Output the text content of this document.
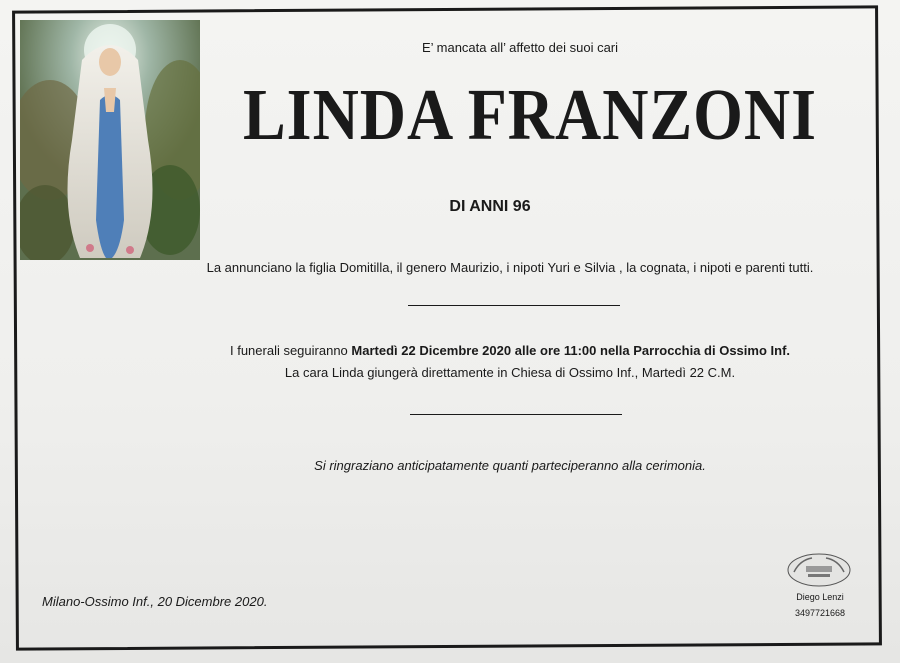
E’ mancata all’ affetto dei suoi cari
LINDA FRANZONI
DI ANNI 96
La annunciano la figlia Domitilla, il genero Maurizio, i nipoti Yuri e Silvia , la cognata, i nipoti e parenti tutti.
I funerali seguiranno Martedì 22 Dicembre 2020 alle ore 11:00 nella Parrocchia di Ossimo Inf.
La cara Linda giungerà direttamente in Chiesa di Ossimo Inf., Martedì 22 C.M.
Si ringraziano anticipatamente quanti parteciperanno alla cerimonia.
Milano-Ossimo Inf., 20 Dicembre 2020.	Diego Lenzi
3497721668
